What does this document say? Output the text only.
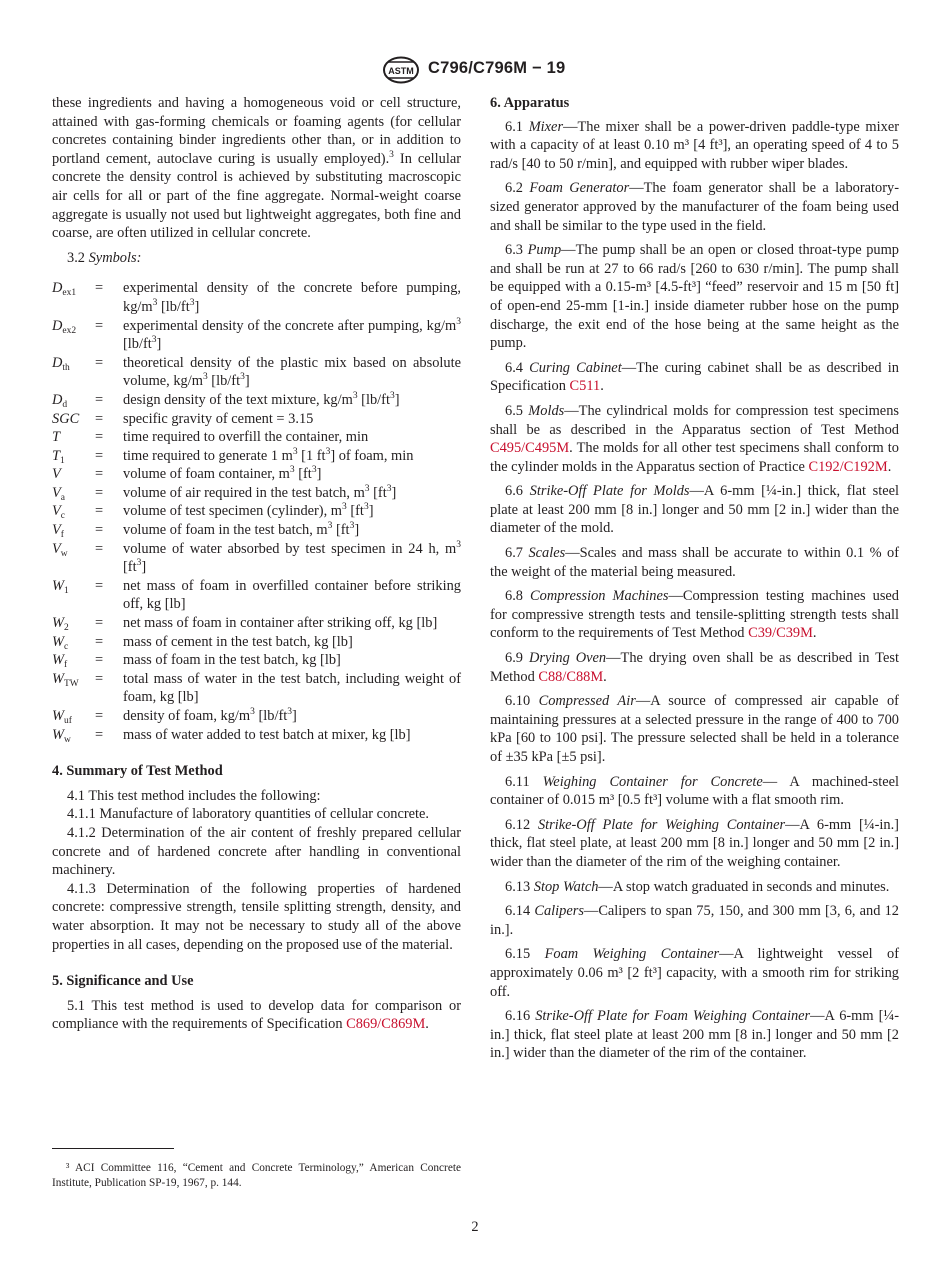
ASTM C796/C796M − 19

these ingredients and having a homogeneous void or cell structure, attained with gas-forming chemicals or foaming agents (for cellular concretes containing binder ingredients other than, or in addition to portland cement, autoclave curing is usually employed).$^3$ In cellular concrete the density control is achieved by substituting macroscopic air cells for all or part of the fine aggregate. Normal-weight coarse aggregate is usually not used but lightweight aggregates, both fine and coarse, are often utilized in cellular concrete.

3.2 Symbols:

$D_{ex1}$	=	experimental density of the concrete before pumping, $kg/m^3$ $[lb/ft^3]$
$D_{ex2}$	=	experimental density of the concrete after pumping, $kg/m^3$ $[lb/ft^3]$
$D_{th}$	=	theoretical density of the plastic mix based on absolute volume, $kg/m^3$ $[lb/ft^3]$
$D_d$	=	design density of the text mixture, $kg/m^3$ $[lb/ft^3]$
SGC	=	specific gravity of cement = 3.15
T	=	time required to overfill the container, min
$T_1$	=	time required to generate 1 $m^3$ [1 $ft^3$] of foam, min
V	=	volume of foam container, $m^3$ $[ft^3]$
$V_a$	=	volume of air required in the test batch, $m^3$ $[ft^3]$
$V_c$	=	volume of test specimen (cylinder), $m^3$ $[ft^3]$
$V_f$	=	volume of foam in the test batch, $m^3$ $[ft^3]$
$V_w$	=	volume of water absorbed by test specimen in 24 h, $m^3$ $[ft^3]$
$W_1$	=	net mass of foam in overfilled container before striking off, kg [lb]
$W_2$	=	net mass of foam in container after striking off, kg [lb]
$W_c$	=	mass of cement in the test batch, kg [lb]
$W_f$	=	mass of foam in the test batch, kg [lb]
$W_{TW}$	=	total mass of water in the test batch, including weight of foam, kg [lb]
$W_{uf}$	=	density of foam, $kg/m^3$ $[lb/ft^3]$
$W_w$	=	mass of water added to test batch at mixer, kg [lb]

4. Summary of Test Method

4.1 This test method includes the following:

4.1.1 Manufacture of laboratory quantities of cellular concrete.

4.1.2 Determination of the air content of freshly prepared cellular concrete and of hardened concrete after handling in conventional machinery.

4.1.3 Determination of the following properties of hardened concrete: compressive strength, tensile splitting strength, density, and water absorption. It may not be necessary to study all of the above properties in all cases, depending on the proposed use of the material.

5. Significance and Use

5.1 This test method is used to develop data for comparison or compliance with the requirements of Specification C869/C869M.

³ ACI Committee 116, “Cement and Concrete Terminology,” American Concrete Institute, Publication SP-19, 1967, p. 144.

6. Apparatus

6.1 Mixer—The mixer shall be a power-driven paddle-type mixer with a capacity of at least 0.10 m³ [4 ft³], an operating speed of 4 to 5 rad/s [40 to 50 r/min], and equipped with rubber wiper blades.

6.2 Foam Generator—The foam generator shall be a laboratory-sized generator approved by the manufacturer of the foam being used and shall be similar to the type used in the field.

6.3 Pump—The pump shall be an open or closed throat-type pump and shall be run at 27 to 66 rad/s [260 to 630 r/min]. The pump shall be equipped with a 0.15-m³ [4.5-ft³] “feed” reservoir and 15 m [50 ft] of open-end 25-mm [1-in.] inside diameter rubber hose on the pump discharge, the exit end of the hose being at the same height as the pump.

6.4 Curing Cabinet—The curing cabinet shall be as described in Specification C511.

6.5 Molds—The cylindrical molds for compression test specimens shall be as described in the Apparatus section of Test Method C495/C495M. The molds for all other test specimens shall conform to the cylinder molds in the Apparatus section of Practice C192/C192M.

6.6 Strike-Off Plate for Molds—A 6-mm [¼-in.] thick, flat steel plate at least 200 mm [8 in.] longer and 50 mm [2 in.] wider than the diameter of the mold.

6.7 Scales—Scales and mass shall be accurate to within 0.1 % of the weight of the material being measured.

6.8 Compression Machines—Compression testing machines used for compressive strength tests and tensile-splitting strength tests shall conform to the requirements of Test Method C39/C39M.

6.9 Drying Oven—The drying oven shall be as described in Test Method C88/C88M.

6.10 Compressed Air—A source of compressed air capable of maintaining pressures at a selected pressure in the range of 400 to 700 kPa [60 to 100 psi]. The pressure selected shall be held in a tolerance of ±35 kPa [±5 psi].

6.11 Weighing Container for Concrete— A machined-steel container of 0.015 m³ [0.5 ft³] volume with a flat smooth rim.

6.12 Strike-Off Plate for Weighing Container—A 6-mm [¼-in.] thick, flat steel plate, at least 200 mm [8 in.] longer and 50 mm [2 in.] wider than the diameter of the rim of the weighing container.

6.13 Stop Watch—A stop watch graduated in seconds and minutes.

6.14 Calipers—Calipers to span 75, 150, and 300 mm [3, 6, and 12 in.].

6.15 Foam Weighing Container—A lightweight vessel of approximately 0.06 m³ [2 ft³] capacity, with a smooth rim for striking off.

6.16 Strike-Off Plate for Foam Weighing Container—A 6-mm [¼-in.] thick, flat steel plate at least 200 mm [8 in.] longer and 50 mm [2 in.] wider than the diameter of the rim of the container.

2
